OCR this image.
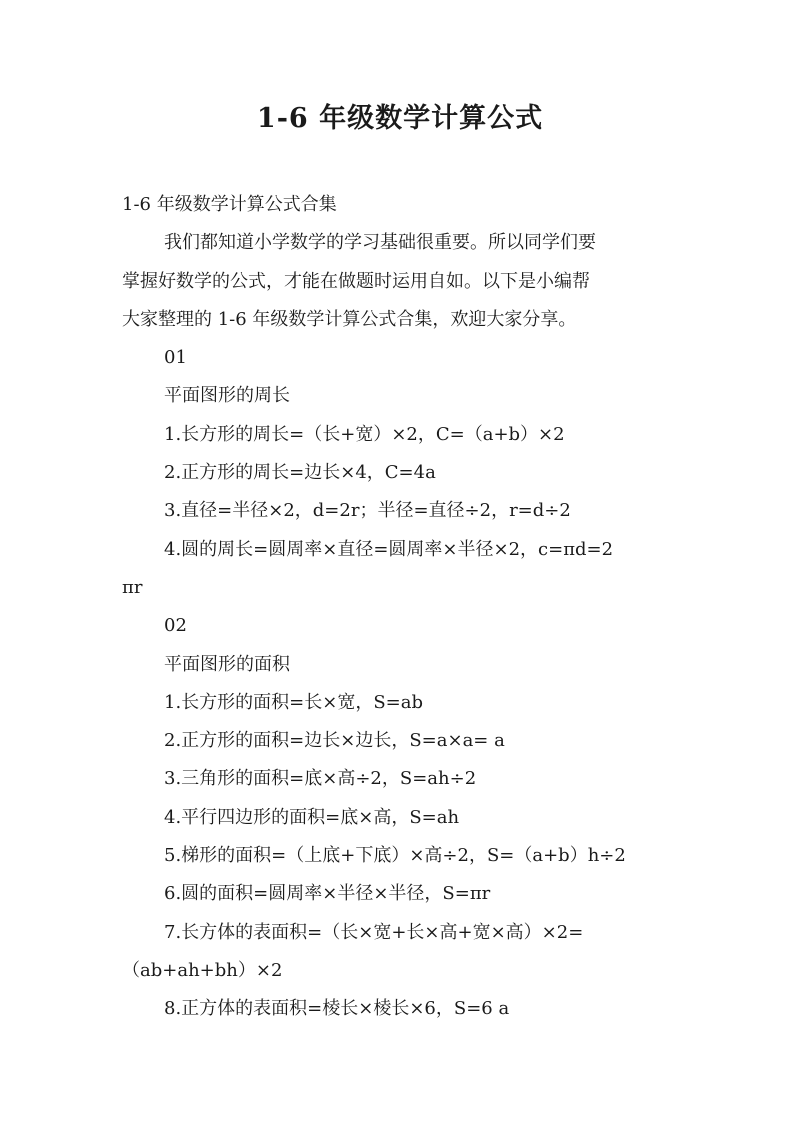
1-6 年级数学计算公式
1-6 年级数学计算公式合集
我们都知道小学数学的学习基础很重要。所以同学们要
掌握好数学的公式，才能在做题时运用自如。以下是小编帮
大家整理的 1-6 年级数学计算公式合集，欢迎大家分享。
01
平面图形的周长
1.长方形的周长=（长+宽）×2，C=（a+b）×2
2.正方形的周长=边长×4，C=4a
3.直径=半径×2，d=2r；半径=直径÷2，r=d÷2
4.圆的周长=圆周率×直径=圆周率×半径×2，c=πd=2
πr
02
平面图形的面积
1.长方形的面积=长×宽，S=ab
2.正方形的面积=边长×边长，S=a×a= a
3.三角形的面积=底×高÷2，S=ah÷2
4.平行四边形的面积=底×高，S=ah
5.梯形的面积=（上底+下底）×高÷2，S=（a+b）h÷2
6.圆的面积=圆周率×半径×半径，S=πr
7.长方体的表面积=（长×宽+长×高+宽×高）×2=
（ab+ah+bh）×2
8.正方体的表面积=棱长×棱长×6，S=6 a
